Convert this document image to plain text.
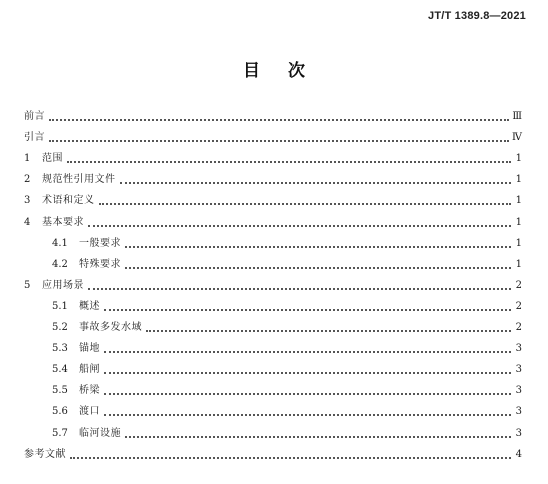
JT/T 1389.8—2021
目 次
前言	Ⅲ
引言	Ⅳ
1	范围	1
2	规范性引用文件	1
3	术语和定义	1
4	基本要求	1
4.1	一般要求	1
4.2	特殊要求	1
5	应用场景	2
5.1	概述	2
5.2	事故多发水域	2
5.3	锚地	3
5.4	船闸	3
5.5	桥梁	3
5.6	渡口	3
5.7	临河设施	3
参考文献	4
